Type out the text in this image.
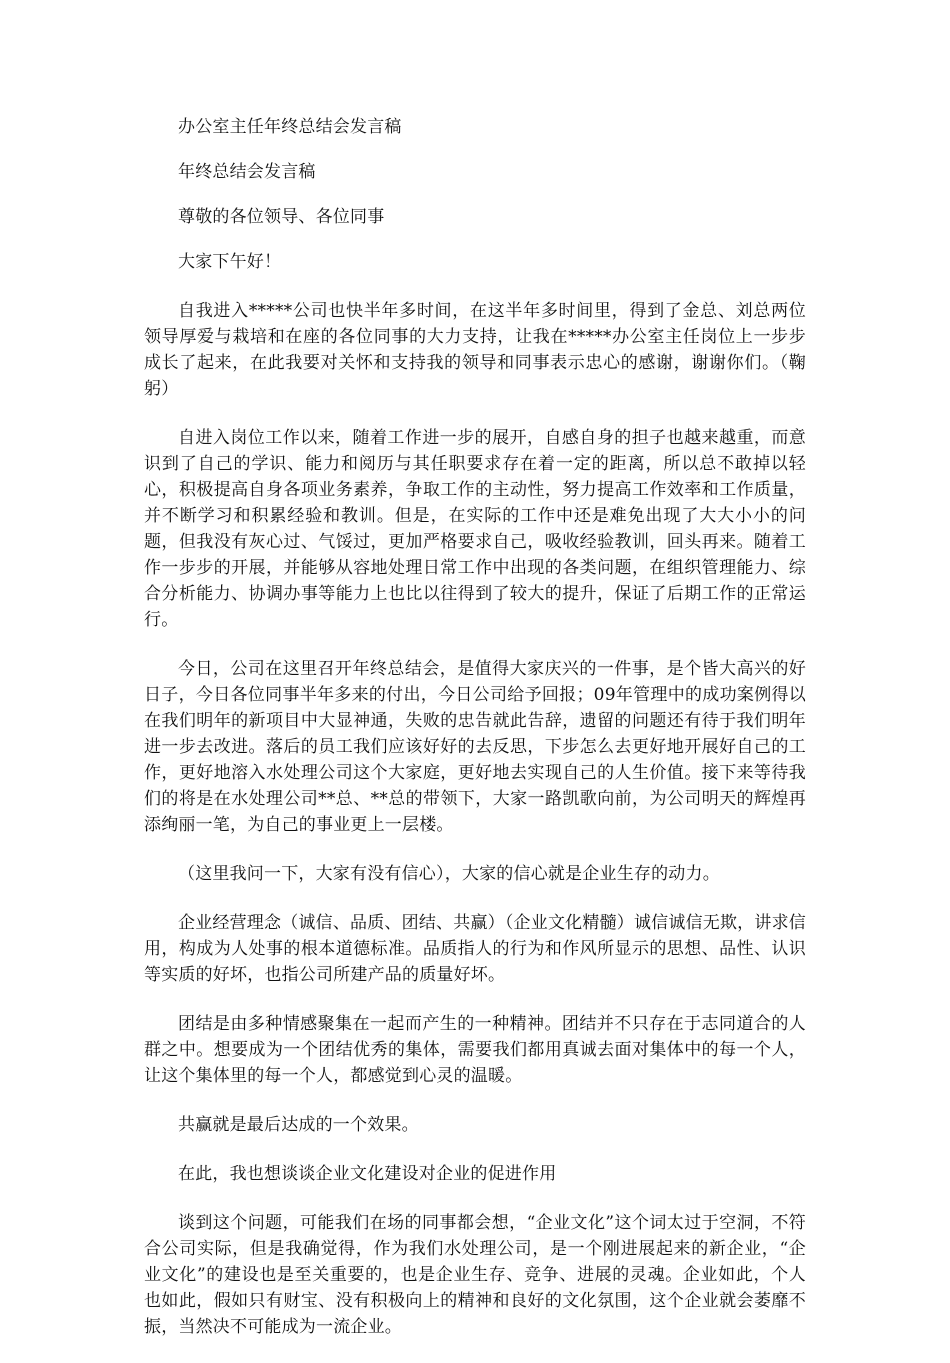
办公室主任年终总结会发言稿

年终总结会发言稿

尊敬的各位领导、各位同事

大家下午好！

自我进入*****公司也快半年多时间，在这半年多时间里，得到了金总、刘总两位领导厚爱与栽培和在座的各位同事的大力支持，让我在*****办公室主任岗位上一步步成长了起来，在此我要对关怀和支持我的领导和同事表示忠心的感谢，谢谢你们。（鞠躬）

自进入岗位工作以来，随着工作进一步的展开，自感自身的担子也越来越重，而意识到了自己的学识、能力和阅历与其任职要求存在着一定的距离，所以总不敢掉以轻心，积极提高自身各项业务素养，争取工作的主动性，努力提高工作效率和工作质量，并不断学习和积累经验和教训。但是，在实际的工作中还是难免出现了大大小小的问题，但我没有灰心过、气馁过，更加严格要求自己，吸收经验教训，回头再来。随着工作一步步的开展，并能够从容地处理日常工作中出现的各类问题，在组织管理能力、综合分析能力、协调办事等能力上也比以往得到了较大的提升，保证了后期工作的正常运行。

今日，公司在这里召开年终总结会，是值得大家庆兴的一件事，是个皆大高兴的好日子，今日各位同事半年多来的付出，今日公司给予回报；09年管理中的成功案例得以在我们明年的新项目中大显神通，失败的忠告就此告辞，遗留的问题还有待于我们明年进一步去改进。落后的员工我们应该好好的去反思，下步怎么去更好地开展好自己的工作，更好地溶入水处理公司这个大家庭，更好地去实现自己的人生价值。接下来等待我们的将是在水处理公司**总、**总的带领下，大家一路凯歌向前，为公司明天的辉煌再添绚丽一笔，为自己的事业更上一层楼。

（这里我问一下，大家有没有信心），大家的信心就是企业生存的动力。

企业经营理念（诚信、品质、团结、共赢）（企业文化精髓）诚信诚信无欺，讲求信用，构成为人处事的根本道德标准。品质指人的行为和作风所显示的思想、品性、认识等实质的好坏，也指公司所建产品的质量好坏。

团结是由多种情感聚集在一起而产生的一种精神。团结并不只存在于志同道合的人群之中。想要成为一个团结优秀的集体，需要我们都用真诚去面对集体中的每一个人，让这个集体里的每一个人，都感觉到心灵的温暖。

共赢就是最后达成的一个效果。

在此，我也想谈谈企业文化建设对企业的促进作用

谈到这个问题，可能我们在场的同事都会想，“企业文化”这个词太过于空洞，不符合公司实际，但是我确觉得，作为我们水处理公司，是一个刚进展起来的新企业，“企业文化”的建设也是至关重要的，也是企业生存、竞争、进展的灵魂。企业如此，个人也如此，假如只有财宝、没有积极向上的精神和良好的文化氛围，这个企业就会萎靡不振，当然决不可能成为一流企业。
